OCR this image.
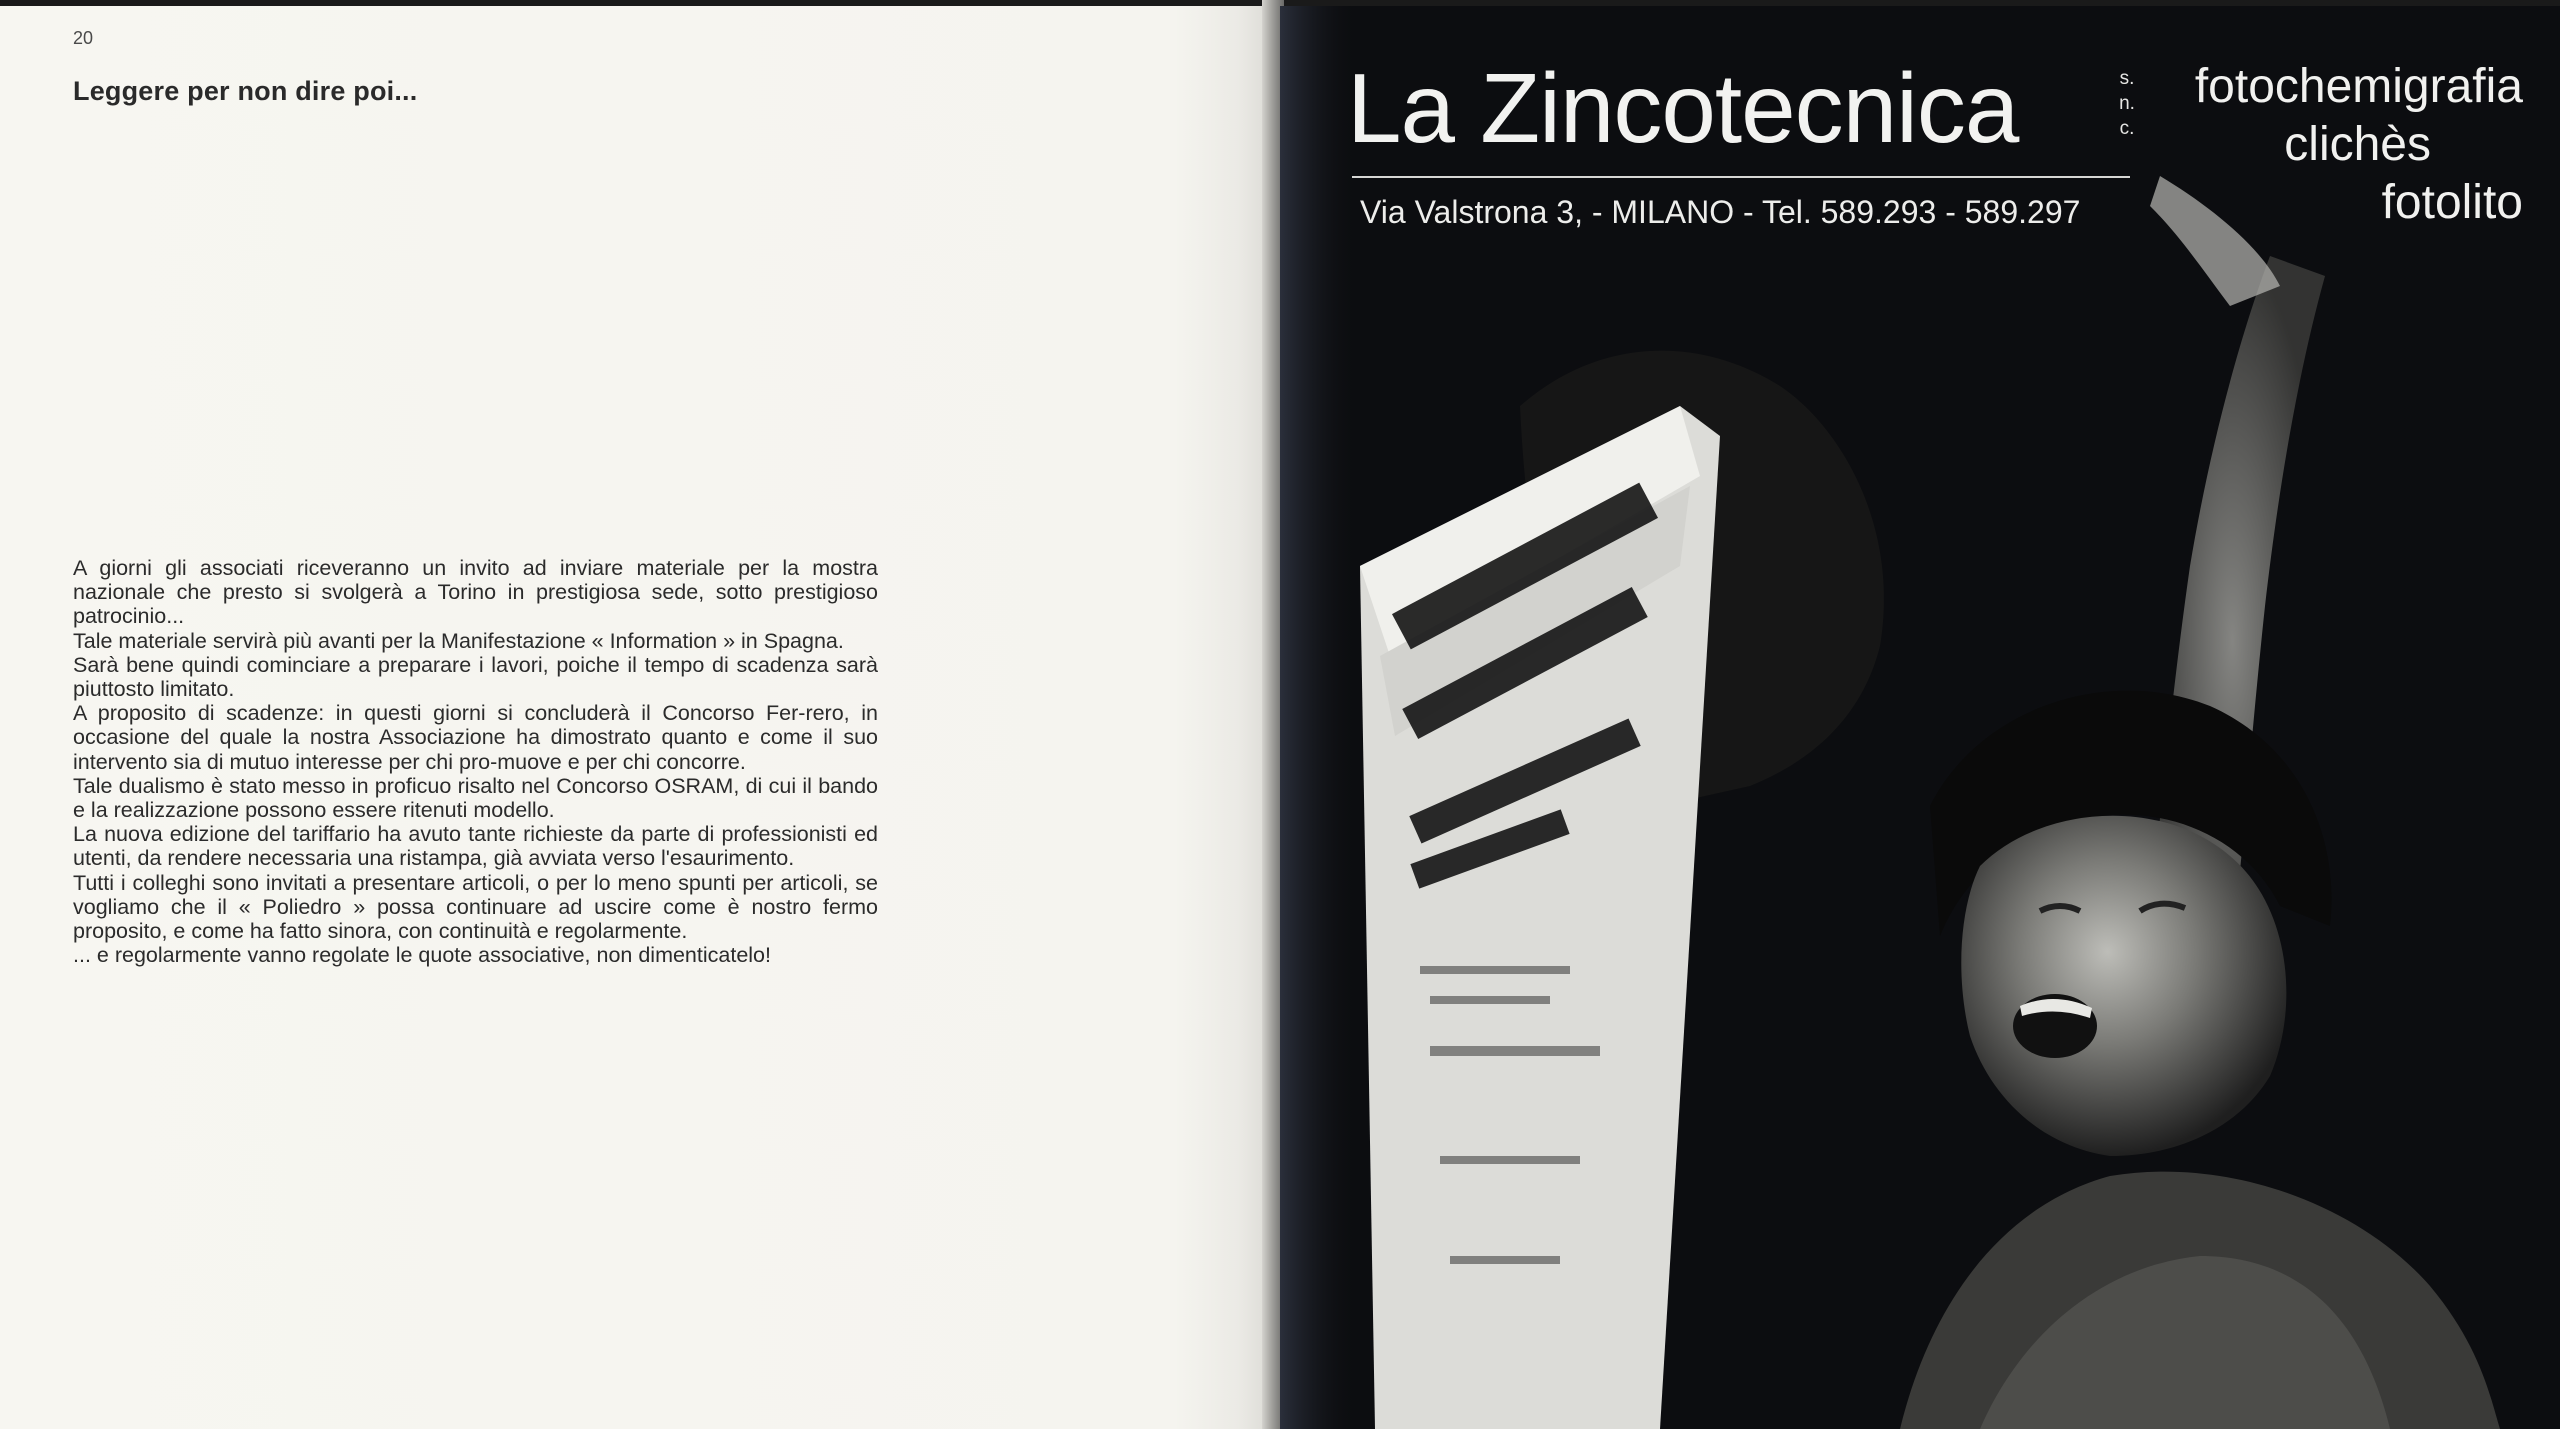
20
Leggere per non dire poi...

A giorni gli associati riceveranno un invito ad inviare materiale per la mostra nazionale che presto si svolgerà a Torino in prestigiosa sede, sotto prestigioso patrocinio...

Tale materiale servirà più avanti per la Manifestazione « Information » in Spagna.

Sarà bene quindi cominciare a preparare i lavori, poiche il tempo di scadenza sarà piuttosto limitato.

A proposito di scadenze: in questi giorni si concluderà il Concorso Fer-rero, in occasione del quale la nostra Associazione ha dimostrato quanto e come il suo intervento sia di mutuo interesse per chi pro-muove e per chi concorre.

Tale dualismo è stato messo in proficuo risalto nel Concorso OSRAM, di cui il bando e la realizzazione possono essere ritenuti modello.

La nuova edizione del tariffario ha avuto tante richieste da parte di professionisti ed utenti, da rendere necessaria una ristampa, già avviata verso l'esaurimento.

Tutti i colleghi sono invitati a presentare articoli, o per lo meno spunti per articoli, se vogliamo che il « Poliedro » possa continuare ad uscire come è nostro fermo proposito, e come ha fatto sinora, con continuità e regolarmente.

... e regolarmente vanno regolate le quote associative, non dimenticatelo!

La Zincotecnica	s.
n.
c.
Via Valstrona 3, - MILANO - Tel. 589.293 - 589.297
fotochemigrafia
clichès
fotolito
